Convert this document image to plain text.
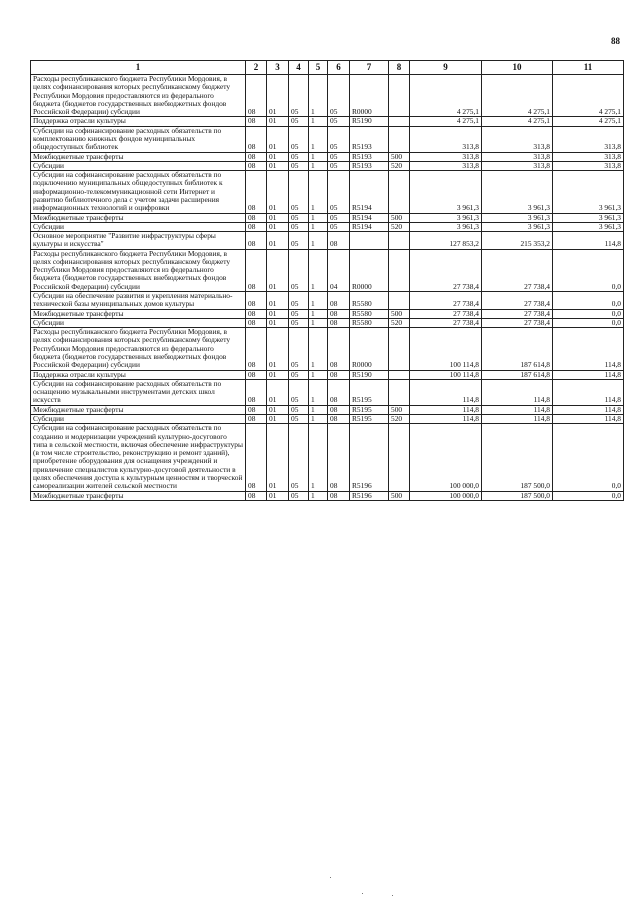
88
1	2	3	4	5	6	7	8	9	10	11
Расходы республиканского бюджета Республики Мордовия, в целях софинансирования которых республиканскому бюджету Республики Мордовия предоставляются из федерального бюджета (бюджетов государственных внебюджетных фондов Российской Федерации) субсидии	08	01	05	1	05	R0000		4 275,1	4 275,1	4 275,1
Поддержка отрасли культуры	08	01	05	1	05	R5190		4 275,1	4 275,1	4 275,1
Субсидии на софинансирование расходных обязательств по комплектованию книжных фондов муниципальных общедоступных библиотек	08	01	05	1	05	R5193		313,8	313,8	313,8
Межбюджетные трансферты	08	01	05	1	05	R5193	500	313,8	313,8	313,8
Субсидии	08	01	05	1	05	R5193	520	313,8	313,8	313,8
Субсидии на софинансирование расходных обязательств по подключению муниципальных общедоступных библиотек к информационно-телекоммуникационной сети Интернет и развитию библиотечного дела с учетом задачи расширения информационных технологий и оцифровки	08	01	05	1	05	R5194		3 961,3	3 961,3	3 961,3
Межбюджетные трансферты	08	01	05	1	05	R5194	500	3 961,3	3 961,3	3 961,3
Субсидии	08	01	05	1	05	R5194	520	3 961,3	3 961,3	3 961,3
Основное мероприятие "Развитие инфраструктуры сферы культуры и искусства"	08	01	05	1	08			127 853,2	215 353,2	114,8
Расходы республиканского бюджета Республики Мордовия, в целях софинансирования которых республиканскому бюджету Республики Мордовия предоставляются из федерального бюджета (бюджетов государственных внебюджетных фондов Российской Федерации) субсидии	08	01	05	1	04	R0000		27 738,4	27 738,4	0,0
Субсидии на обеспечение развития и укрепления материально-технической базы муниципальных домов культуры	08	01	05	1	08	R5580		27 738,4	27 738,4	0,0
Межбюджетные трансферты	08	01	05	1	08	R5580	500	27 738,4	27 738,4	0,0
Субсидии	08	01	05	1	08	R5580	520	27 738,4	27 738,4	0,0
Расходы республиканского бюджета Республики Мордовия, в целях софинансирования которых республиканскому бюджету Республики Мордовия предоставляются из федерального бюджета (бюджетов государственных внебюджетных фондов Российской Федерации) субсидии	08	01	05	1	08	R0000		100 114,8	187 614,8	114,8
Поддержка отрасли культуры	08	01	05	1	08	R5190		100 114,8	187 614,8	114,8
Субсидии на софинансирование расходных обязательств по оснащению музыкальными инструментами детских школ искусств	08	01	05	1	08	R5195		114,8	114,8	114,8
Межбюджетные трансферты	08	01	05	1	08	R5195	500	114,8	114,8	114,8
Субсидии	08	01	05	1	08	R5195	520	114,8	114,8	114,8
Субсидии на софинансирование расходных обязательств по созданию и модернизации учреждений культурно-досугового типа в сельской местности, включая обеспечение инфраструктуры (в том числе строительство, реконструкцию и ремонт зданий), приобретение оборудования для оснащения учреждений и привлечение специалистов культурно-досуговой деятельности в целях обеспечения доступа к культурным ценностям и творческой самореализации жителей сельской местности	08	01	05	1	08	R5196		100 000,0	187 500,0	0,0
Межбюджетные трансферты	08	01	05	1	08	R5196	500	100 000,0	187 500,0	0,0
